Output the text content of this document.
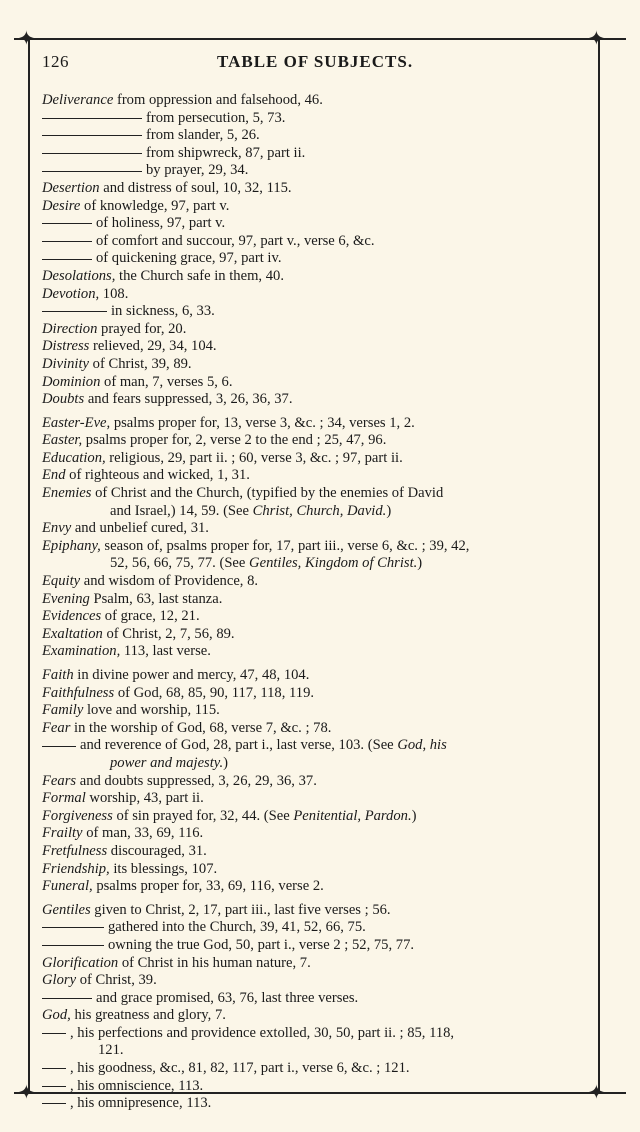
✦	✦
✦	✦
126	TABLE OF SUBJECTS.
Deliverance from oppression and falsehood, 46.
from persecution, 5, 73.
from slander, 5, 26.
from shipwreck, 87, part ii.
by prayer, 29, 34.
Desertion and distress of soul, 10, 32, 115.
Desire of knowledge, 97, part v.
of holiness, 97, part v.
of comfort and succour, 97, part v., verse 6, &c.
of quickening grace, 97, part iv.
Desolations, the Church safe in them, 40.
Devotion, 108.
in sickness, 6, 33.
Direction prayed for, 20.
Distress relieved, 29, 34, 104.
Divinity of Christ, 39, 89.
Dominion of man, 7, verses 5, 6.
Doubts and fears suppressed, 3, 26, 36, 37.
Easter-Eve, psalms proper for, 13, verse 3, &c. ; 34, verses 1, 2.
Easter, psalms proper for, 2, verse 2 to the end ; 25, 47, 96.
Education, religious, 29, part ii. ; 60, verse 3, &c. ; 97, part ii.
End of righteous and wicked, 1, 31.
Enemies of Christ and the Church, (typified by the enemies of David
and Israel,) 14, 59. (See Christ, Church, David.)
Envy and unbelief cured, 31.
Epiphany, season of, psalms proper for, 17, part iii., verse 6, &c. ; 39, 42,
52, 56, 66, 75, 77. (See Gentiles, Kingdom of Christ.)
Equity and wisdom of Providence, 8.
Evening Psalm, 63, last stanza.
Evidences of grace, 12, 21.
Exaltation of Christ, 2, 7, 56, 89.
Examination, 113, last verse.
Faith in divine power and mercy, 47, 48, 104.
Faithfulness of God, 68, 85, 90, 117, 118, 119.
Family love and worship, 115.
Fear in the worship of God, 68, verse 7, &c. ; 78.
and reverence of God, 28, part i., last verse, 103. (See God, his
power and majesty.)
Fears and doubts suppressed, 3, 26, 29, 36, 37.
Formal worship, 43, part ii.
Forgiveness of sin prayed for, 32, 44. (See Penitential, Pardon.)
Frailty of man, 33, 69, 116.
Fretfulness discouraged, 31.
Friendship, its blessings, 107.
Funeral, psalms proper for, 33, 69, 116, verse 2.
Gentiles given to Christ, 2, 17, part iii., last five verses ; 56.
gathered into the Church, 39, 41, 52, 66, 75.
owning the true God, 50, part i., verse 2 ; 52, 75, 77.
Glorification of Christ in his human nature, 7.
Glory of Christ, 39.
and grace promised, 63, 76, last three verses.
God, his greatness and glory, 7.
, his perfections and providence extolled, 30, 50, part ii. ; 85, 118,
121.
, his goodness, &c., 81, 82, 117, part i., verse 6, &c. ; 121.
, his omniscience, 113.
, his omnipresence, 113.
